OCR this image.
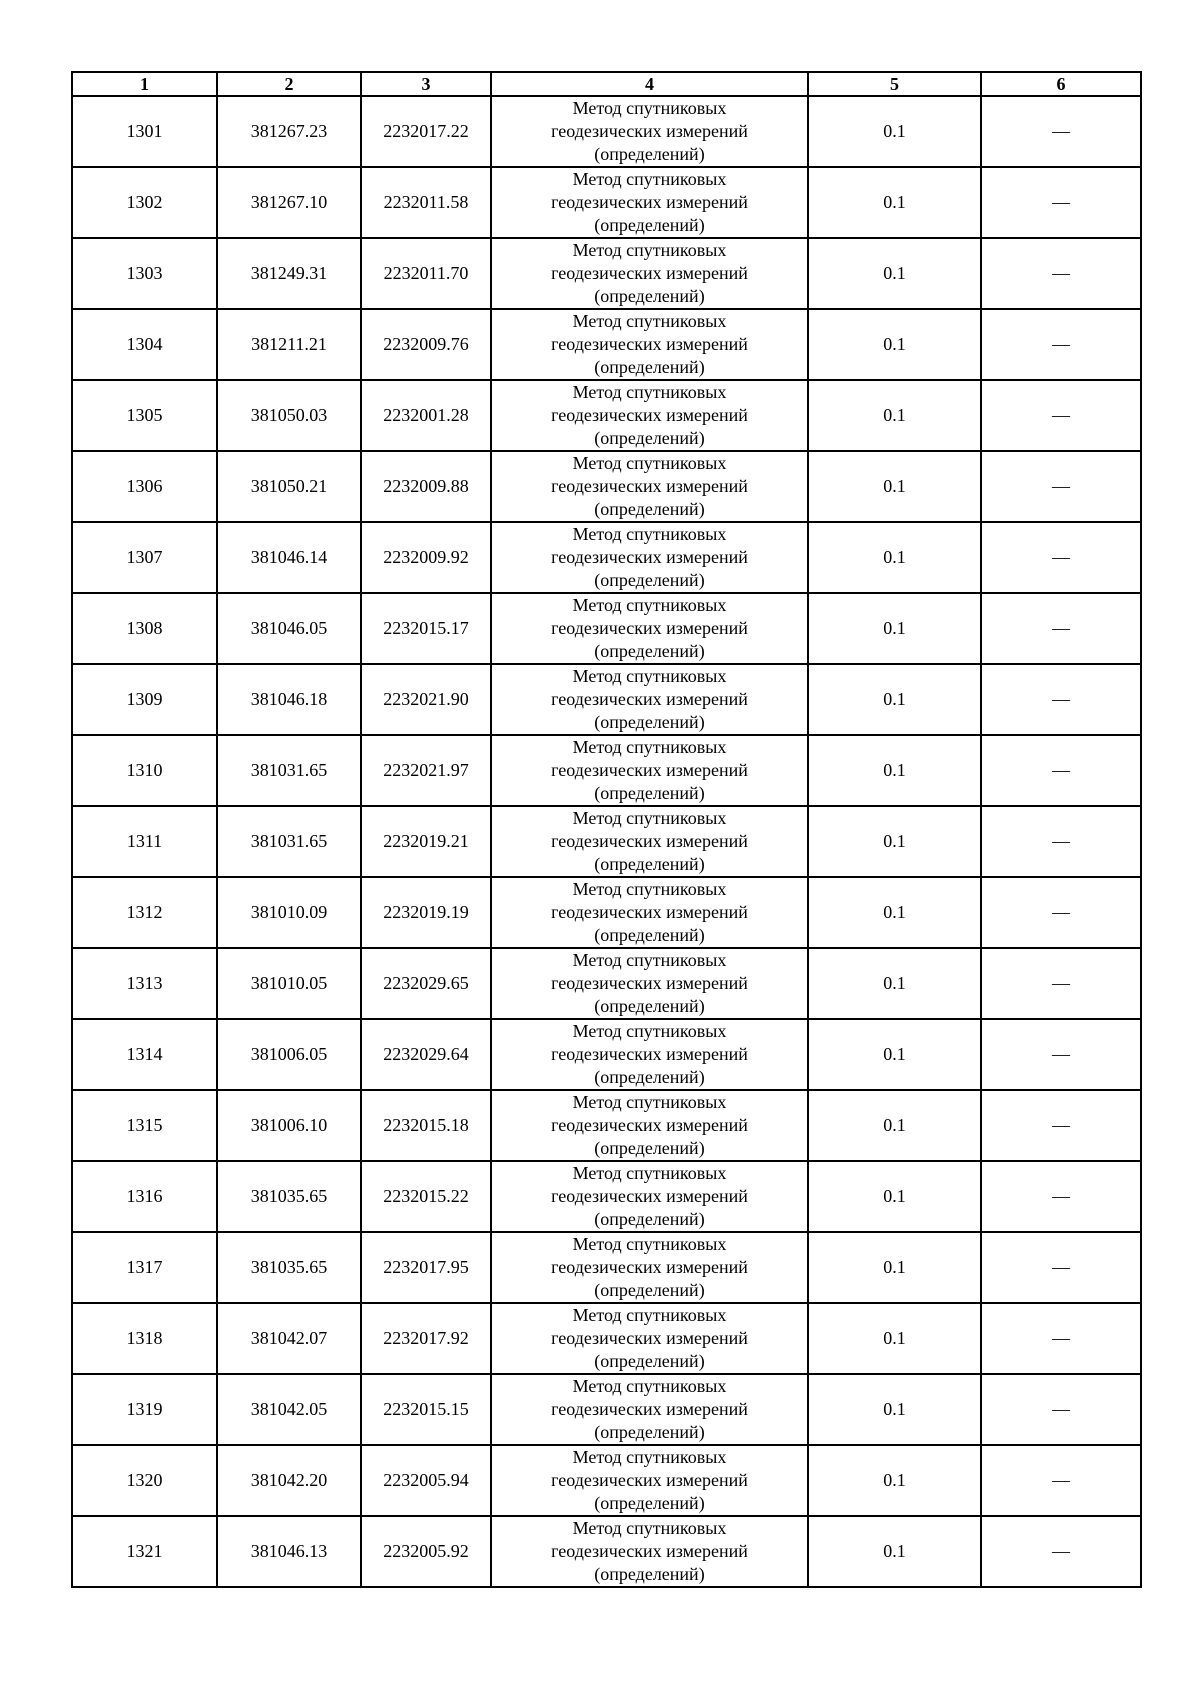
1	2	3	4	5	6
1301	381267.23	2232017.22	Метод спутниковых
геодезических измерений
(определений)	0.1	—
1302	381267.10	2232011.58	Метод спутниковых
геодезических измерений
(определений)	0.1	—
1303	381249.31	2232011.70	Метод спутниковых
геодезических измерений
(определений)	0.1	—
1304	381211.21	2232009.76	Метод спутниковых
геодезических измерений
(определений)	0.1	—
1305	381050.03	2232001.28	Метод спутниковых
геодезических измерений
(определений)	0.1	—
1306	381050.21	2232009.88	Метод спутниковых
геодезических измерений
(определений)	0.1	—
1307	381046.14	2232009.92	Метод спутниковых
геодезических измерений
(определений)	0.1	—
1308	381046.05	2232015.17	Метод спутниковых
геодезических измерений
(определений)	0.1	—
1309	381046.18	2232021.90	Метод спутниковых
геодезических измерений
(определений)	0.1	—
1310	381031.65	2232021.97	Метод спутниковых
геодезических измерений
(определений)	0.1	—
1311	381031.65	2232019.21	Метод спутниковых
геодезических измерений
(определений)	0.1	—
1312	381010.09	2232019.19	Метод спутниковых
геодезических измерений
(определений)	0.1	—
1313	381010.05	2232029.65	Метод спутниковых
геодезических измерений
(определений)	0.1	—
1314	381006.05	2232029.64	Метод спутниковых
геодезических измерений
(определений)	0.1	—
1315	381006.10	2232015.18	Метод спутниковых
геодезических измерений
(определений)	0.1	—
1316	381035.65	2232015.22	Метод спутниковых
геодезических измерений
(определений)	0.1	—
1317	381035.65	2232017.95	Метод спутниковых
геодезических измерений
(определений)	0.1	—
1318	381042.07	2232017.92	Метод спутниковых
геодезических измерений
(определений)	0.1	—
1319	381042.05	2232015.15	Метод спутниковых
геодезических измерений
(определений)	0.1	—
1320	381042.20	2232005.94	Метод спутниковых
геодезических измерений
(определений)	0.1	—
1321	381046.13	2232005.92	Метод спутниковых
геодезических измерений
(определений)	0.1	—
